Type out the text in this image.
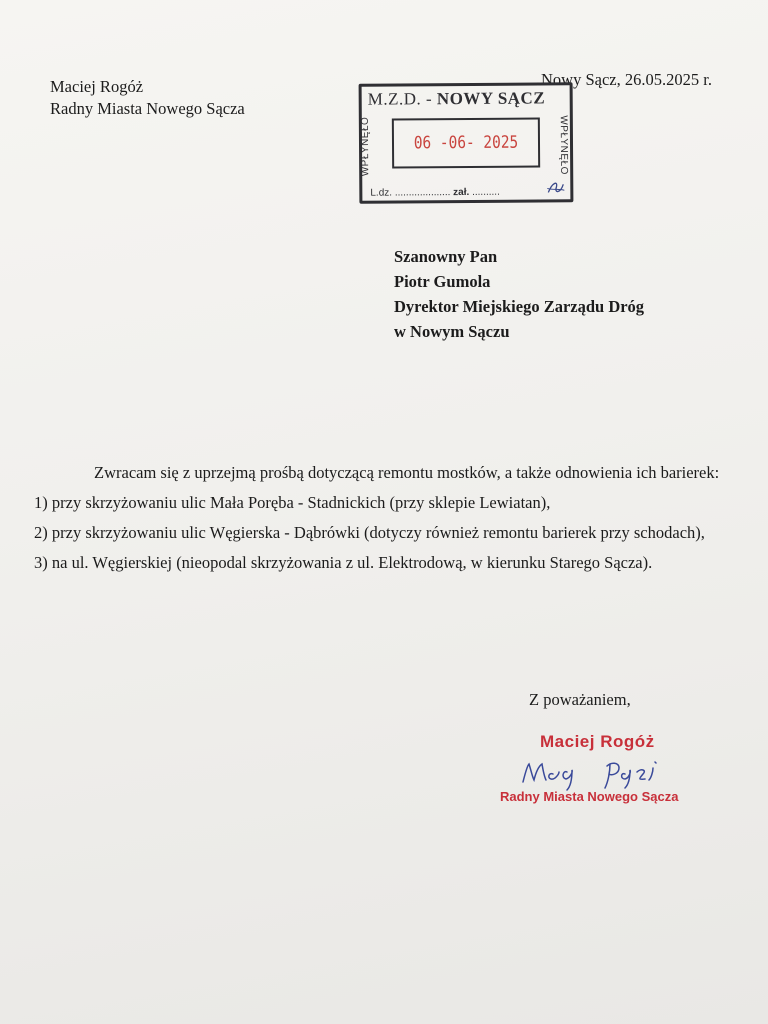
Maciej Rogóż
Radny Miasta Nowego Sącza
Nowy Sącz, 26.05.2025 r.
M.Z.D. - NOWY SĄCZ
WPŁYNĘŁO	WPŁYNĘŁO
06 -06- 2025
L.dz. .................... zał. ..........
Szanowny Pan
Piotr Gumola
Dyrektor Miejskiego Zarządu Dróg
w Nowym Sączu

Zwracam się z uprzejmą prośbą dotyczącą remontu mostków, a także odnowienia ich barierek:

1) przy skrzyżowaniu ulic Mała Poręba - Stadnickich (przy sklepie Lewiatan),

2) przy skrzyżowaniu ulic Węgierska - Dąbrówki (dotyczy również remontu barierek przy schodach),

3) na ul. Węgierskiej (nieopodal skrzyżowania z ul. Elektrodową, w kierunku Starego Sącza).

Z poważaniem,
Maciej Rogóż
Radny Miasta Nowego Sącza
